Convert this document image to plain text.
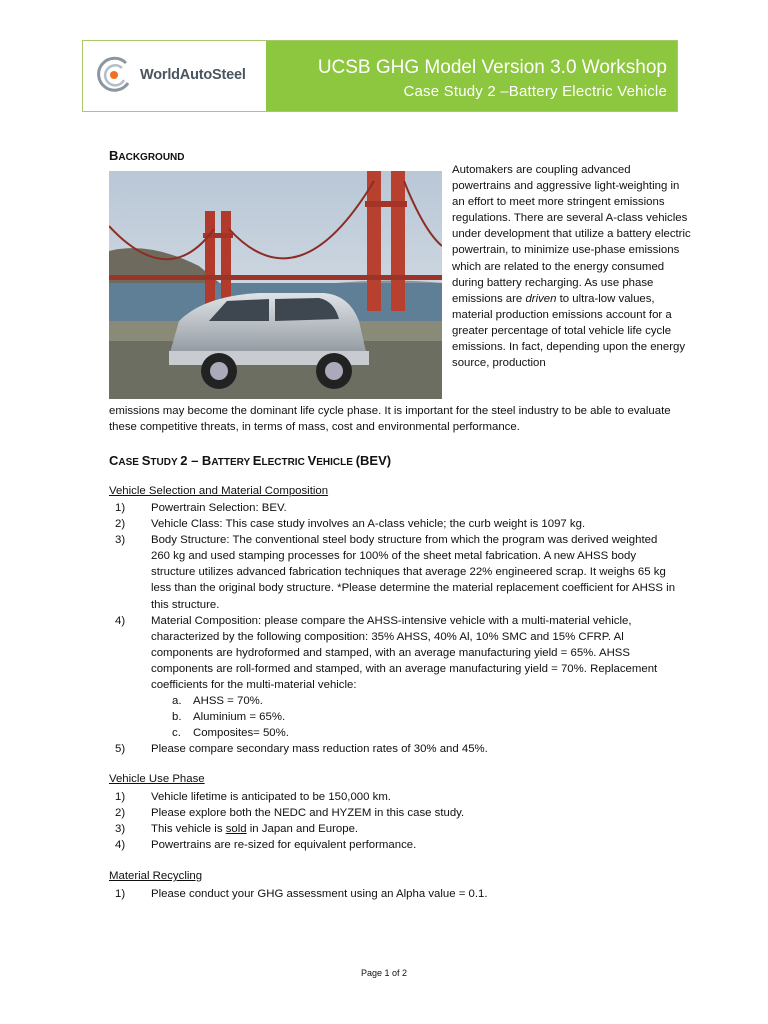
WorldAutoSteel	UCSB GHG Model Version 3.0 Workshop
Case Study 2 –Battery Electric Vehicle
BACKGROUND
Automakers are coupling advanced powertrains and aggressive light-weighting in an effort to meet more stringent emissions regulations. There are several A-class vehicles under development that utilize a battery electric powertrain, to minimize use-phase emissions which are related to the energy consumed during battery recharging. As use phase emissions are driven to ultra-low values, material production emissions account for a greater percentage of total vehicle life cycle emissions. In fact, depending upon the energy source, production
emissions may become the dominant life cycle phase. It is important for the steel industry to be able to evaluate these competitive threats, in terms of mass, cost and environmental performance.
CASE STUDY 2 – BATTERY ELECTRIC VEHICLE (BEV)
Vehicle Selection and Material Composition
1) Powertrain Selection: BEV.
2) Vehicle Class: This case study involves an A-class vehicle; the curb weight is 1097 kg.
3) Body Structure: The conventional steel body structure from which the program was derived weighted 260 kg and used stamping processes for 100% of the sheet metal fabrication. A new AHSS body structure utilizes advanced fabrication techniques that average 22% engineered scrap. It weighs 65 kg less than the original body structure. *Please determine the material replacement coefficient for AHSS in this structure.
4) Material Composition: please compare the AHSS-intensive vehicle with a multi-material vehicle, characterized by the following composition: 35% AHSS, 40% Al, 10% SMC and 15% CFRP. Al components are hydroformed and stamped, with an average manufacturing yield = 65%. AHSS components are roll-formed and stamped, with an average manufacturing yield = 70%. Replacement coefficients for the multi-material vehicle:
a. AHSS = 70%.
b. Aluminium = 65%.
c. Composites= 50%.
5) Please compare secondary mass reduction rates of 30% and 45%.
Vehicle Use Phase
1) Vehicle lifetime is anticipated to be 150,000 km.
2) Please explore both the NEDC and HYZEM in this case study.
3) This vehicle is sold in Japan and Europe.
4) Powertrains are re-sized for equivalent performance.
Material Recycling
1) Please conduct your GHG assessment using an Alpha value = 0.1.
Page 1 of 2
